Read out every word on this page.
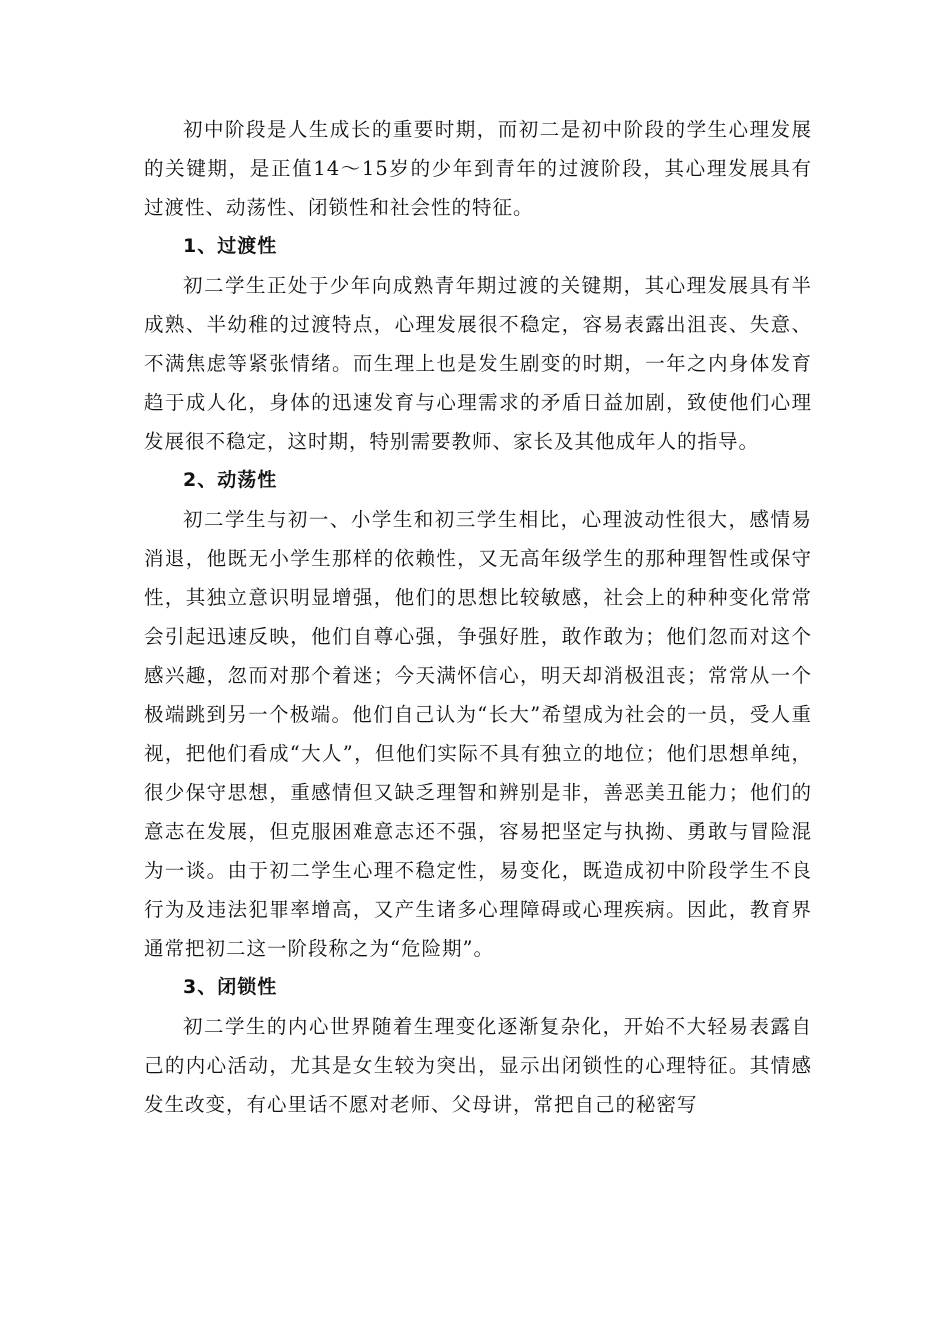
初中阶段是人生成长的重要时期，而初二是初中阶段的学生心理发展的关键期，是正值14～15岁的少年到青年的过渡阶段，其心理发展具有过渡性、动荡性、闭锁性和社会性的特征。

1、过渡性

初二学生正处于少年向成熟青年期过渡的关键期，其心理发展具有半成熟、半幼稚的过渡特点，心理发展很不稳定，容易表露出沮丧、失意、不满焦虑等紧张情绪。而生理上也是发生剧变的时期，一年之内身体发育趋于成人化，身体的迅速发育与心理需求的矛盾日益加剧，致使他们心理发展很不稳定，这时期，特别需要教师、家长及其他成年人的指导。

2、动荡性

初二学生与初一、小学生和初三学生相比，心理波动性很大，感情易消退，他既无小学生那样的依赖性，又无高年级学生的那种理智性或保守性，其独立意识明显增强，他们的思想比较敏感，社会上的种种变化常常会引起迅速反映，他们自尊心强，争强好胜，敢作敢为；他们忽而对这个感兴趣，忽而对那个着迷；今天满怀信心，明天却消极沮丧；常常从一个极端跳到另一个极端。他们自己认为“长大”希望成为社会的一员，受人重视，把他们看成“大人”，但他们实际不具有独立的地位；他们思想单纯，很少保守思想，重感情但又缺乏理智和辨别是非，善恶美丑能力；他们的意志在发展，但克服困难意志还不强，容易把坚定与执拗、勇敢与冒险混为一谈。由于初二学生心理不稳定性，易变化，既造成初中阶段学生不良行为及违法犯罪率增高，又产生诸多心理障碍或心理疾病。因此，教育界通常把初二这一阶段称之为“危险期”。

3、闭锁性

初二学生的内心世界随着生理变化逐渐复杂化，开始不大轻易表露自己的内心活动，尤其是女生较为突出，显示出闭锁性的心理特征。其情感发生改变，有心里话不愿对老师、父母讲，常把自己的秘密写
